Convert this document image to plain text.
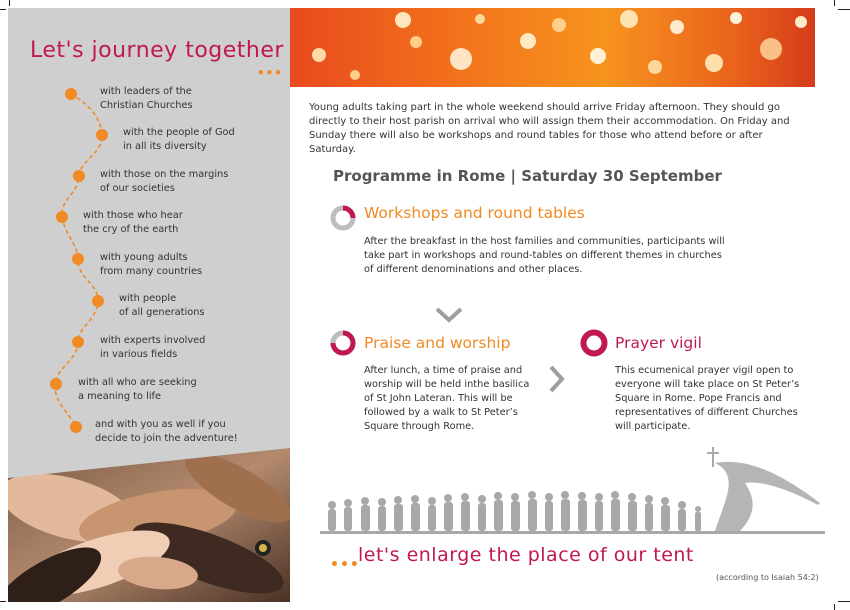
Let's journey together
•••
with leaders of the
Christian Churches
with the people of God
in all its diversity
with those on the margins
of our societies
with those who hear
the cry of the earth
with young adults
from many countries
with people
of all generations
with experts involved
in various fields
with all who are seeking
a meaning to life
and with you as well if you
decide to join the adventure!
Young adults taking part in the whole weekend should arrive Friday afternoon. They should go directly to their host parish on arrival who will assign them their accommodation. On Friday and Sunday there will also be workshops and round tables for those who attend before or after Saturday.
Programme in Rome | Saturday 30 September
Workshops and round tables
After the breakfast in the host families and communities, participants will take part in workshops and round-tables on different themes in churches of different denominations and other places.
Praise and worship
After lunch, a time of praise and worship will be held inthe basilica of St John Lateran. This will be followed by a walk to St Peter’s Square through Rome.
Prayer vigil
This ecumenical prayer vigil open to everyone will take place on St Peter’s Square in Rome. Pope Francis and representatives of different Churches will participate.
•••
let's enlarge the place of our tent
(according to Isaiah 54:2)
